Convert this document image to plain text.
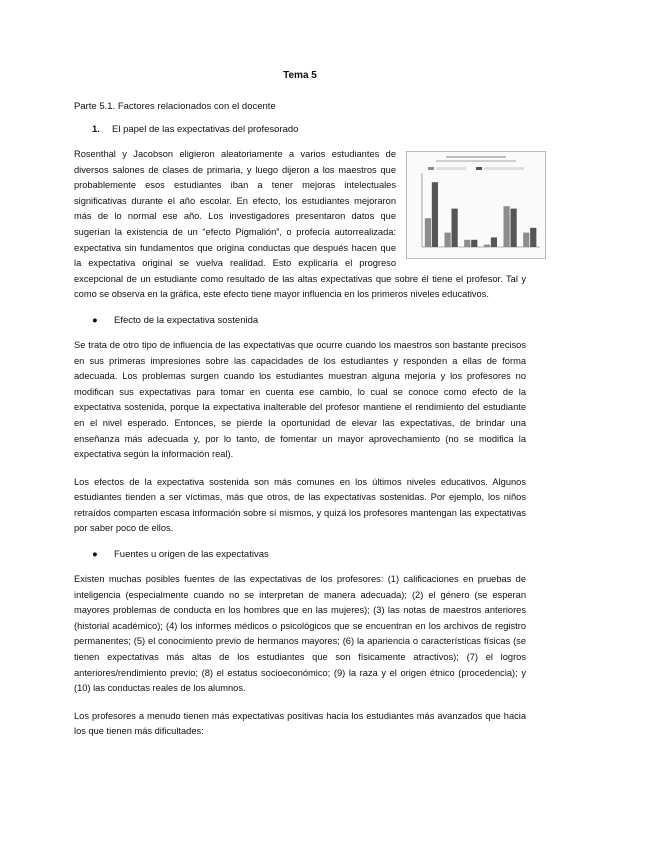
Tema 5
Parte 5.1. Factores relacionados con el docente
1. El papel de las expectativas del profesorado

Rosenthal y Jacobson eligieron aleatoriamente a varios estudiantes de diversos salones de clases de primaria, y luego dijeron a los maestros que probablemente esos estudiantes iban a tener mejoras intelectuales significativas durante el año escolar. En efecto, los estudiantes mejoraron más de lo normal ese año. Los investigadores presentaron datos que sugerían la existencia de un “efecto Pigmalión”, o profecía autorrealizada: expectativa sin fundamentos que origina conductas que después hacen que la expectativa original se vuelva realidad. Esto explicaría el progreso excepcional de un estudiante como resultado de las altas expectativas que sobre él tiene el profesor. Tal y como se observa en la gráfica, este efecto tiene mayor influencia en los primeros niveles educativos.

● Efecto de la expectativa sostenida

Se trata de otro tipo de influencia de las expectativas que ocurre cuando los maestros son bastante precisos en sus primeras impresiones sobre las capacidades de los estudiantes y responden a ellas de forma adecuada. Los problemas surgen cuando los estudiantes muestran alguna mejoría y los profesores no modifican sus expectativas para tomar en cuenta ese cambio, lo cual se conoce como efecto de la expectativa sostenida, porque la expectativa inalterable del profesor mantiene el rendimiento del estudiante en el nivel esperado. Entonces, se pierde la oportunidad de elevar las expectativas, de brindar una enseñanza más adecuada y, por lo tanto, de fomentar un mayor aprovechamiento (no se modifica la expectativa según la información real).

Los efectos de la expectativa sostenida son más comunes en los últimos niveles educativos. Algunos estudiantes tienden a ser víctimas, más que otros, de las expectativas sostenidas. Por ejemplo, los niños retraídos comparten escasa información sobre sí mismos, y quizá los profesores mantengan las expectativas por saber poco de ellos.

● Fuentes u origen de las expectativas

Existen muchas posibles fuentes de las expectativas de los profesores: (1) calificaciones en pruebas de inteligencia (especialmente cuando no se interpretan de manera adecuada); (2) el género (se esperan mayores problemas de conducta en los hombres que en las mujeres); (3) las notas de maestros anteriores (historial académico); (4) los informes médicos o psicológicos que se encuentran en los archivos de registro permanentes; (5) el conocimiento previo de hermanos mayores; (6) la apariencia o características físicas (se tienen expectativas más altas de los estudiantes que son físicamente atractivos); (7) el logros anteriores/rendimiento previo; (8) el estatus socioeconómico; (9) la raza y el origen étnico (procedencia); y (10) las conductas reales de los alumnos.

Los profesores a menudo tienen más expectativas positivas hacia los estudiantes más avanzados que hacia los que tienen más dificultades:
